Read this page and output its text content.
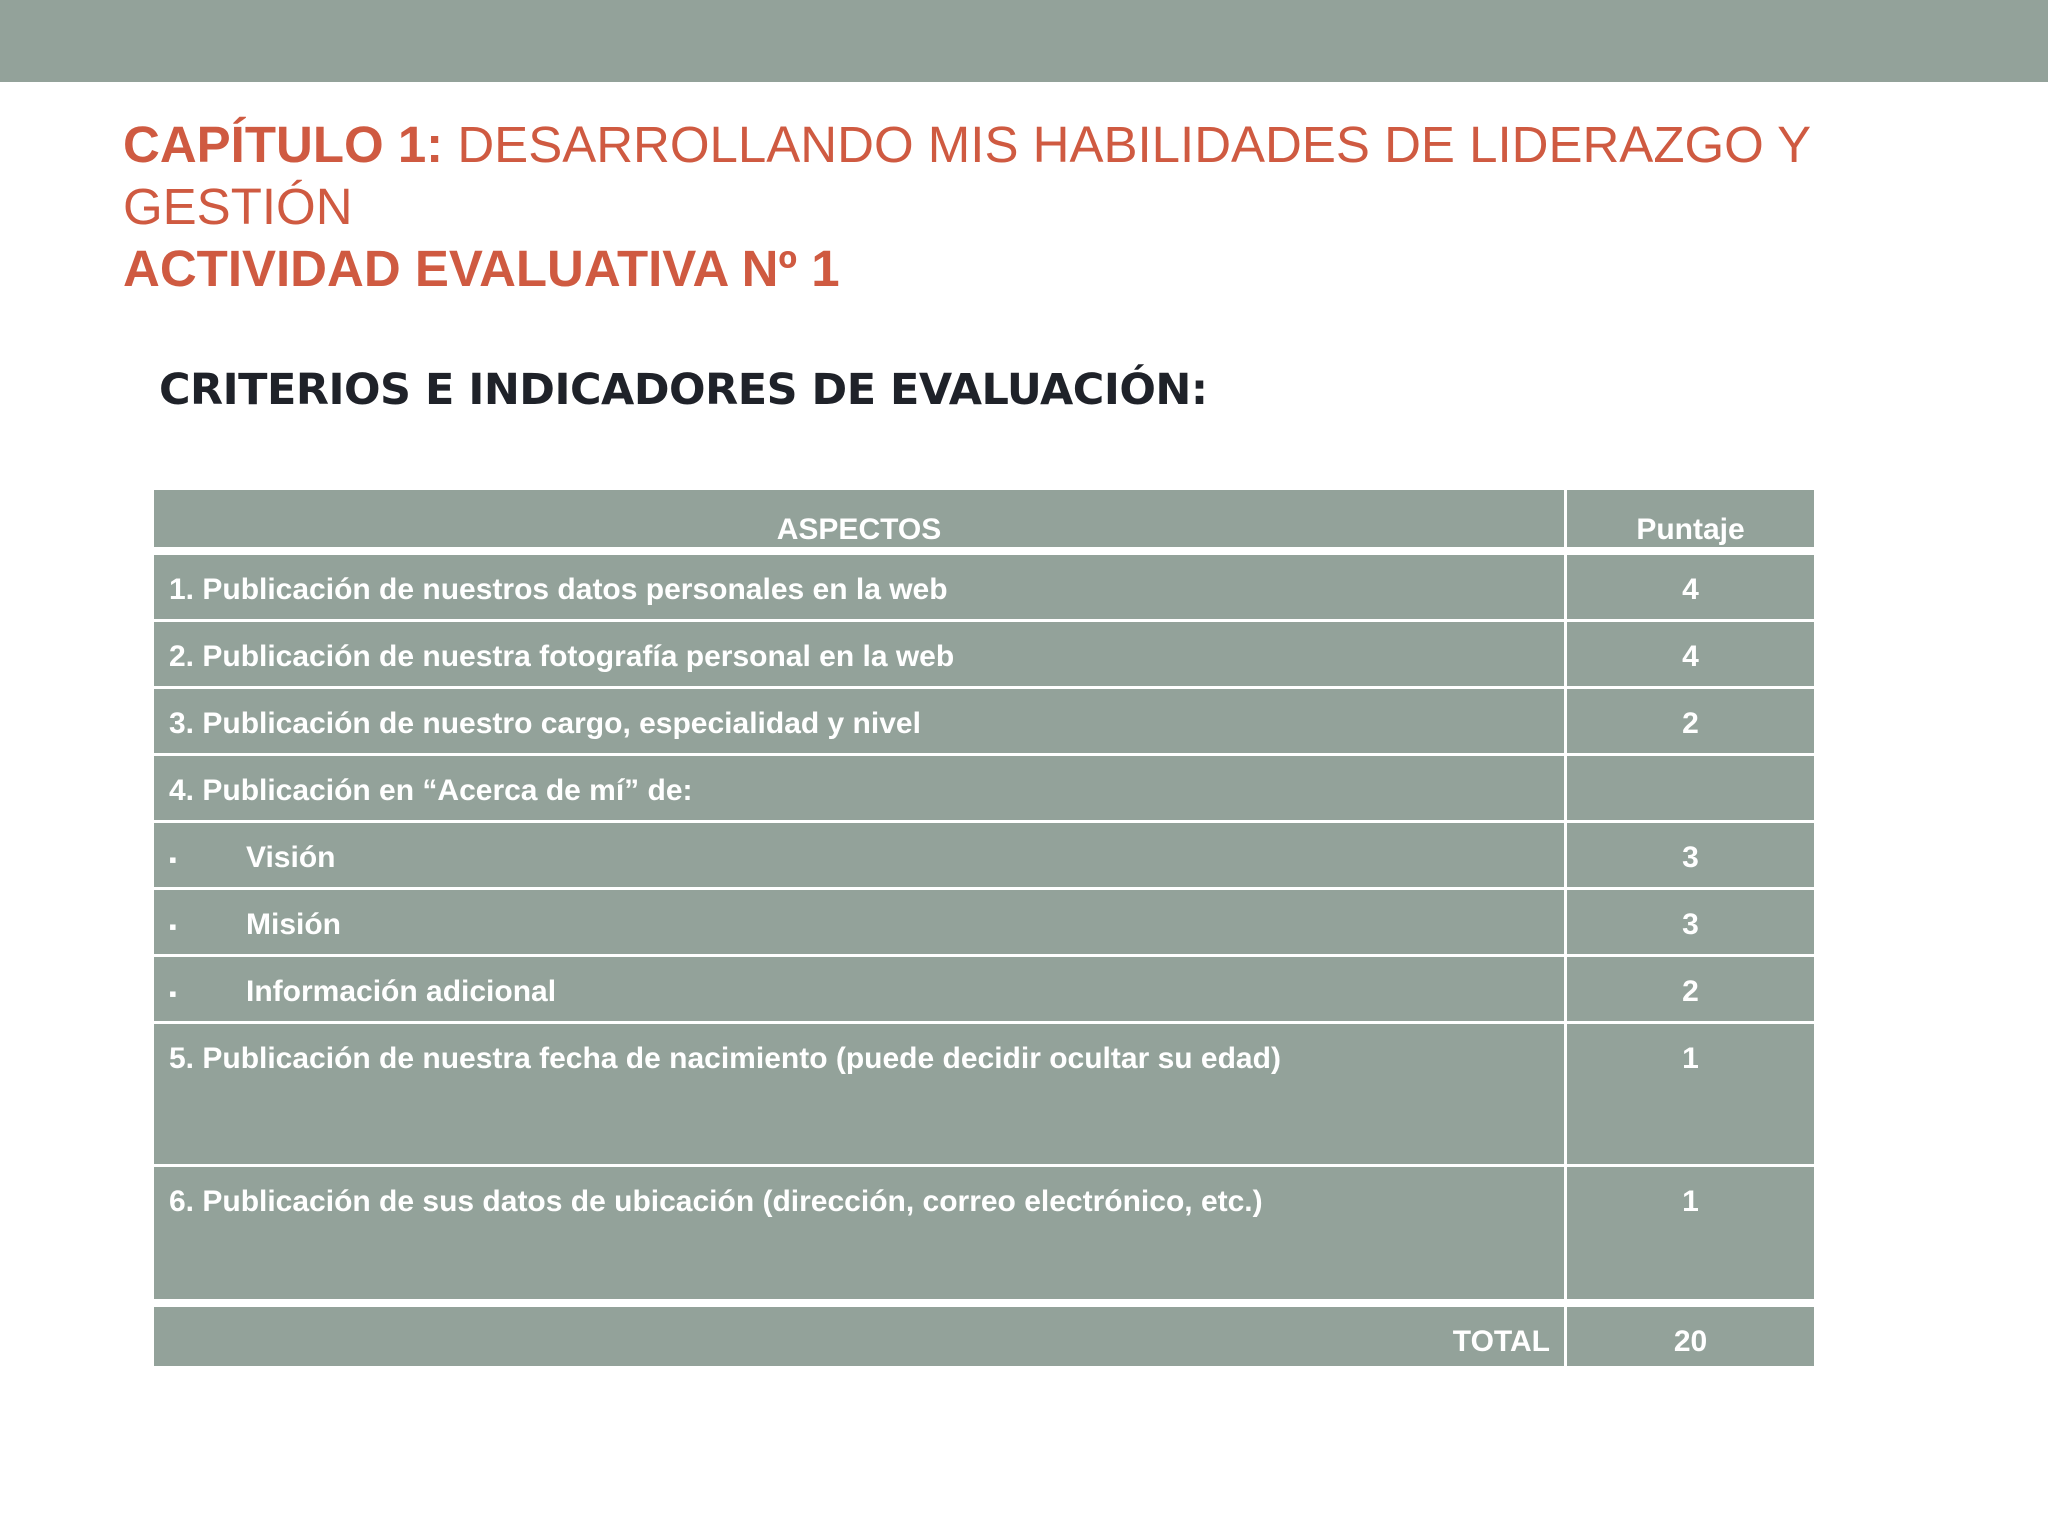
CAPÍTULO 1: DESARROLLANDO MIS HABILIDADES DE LIDERAZGO Y GESTIÓN
ACTIVIDAD EVALUATIVA Nº 1
CRITERIOS E INDICADORES DE EVALUACIÓN:
ASPECTOS	Puntaje
1. Publicación de nuestros datos personales en la web	4
2. Publicación de nuestra fotografía personal en la web	4
3. Publicación de nuestro cargo, especialidad y nivel	2
4. Publicación en “Acerca de mí” de:	
▪ Visión	3
▪ Misión	3
▪ Información adicional	2
5. Publicación de nuestra fecha de nacimiento (puede decidir ocultar su edad)	1
6. Publicación de sus datos de ubicación (dirección, correo electrónico, etc.)	1
TOTAL	20
